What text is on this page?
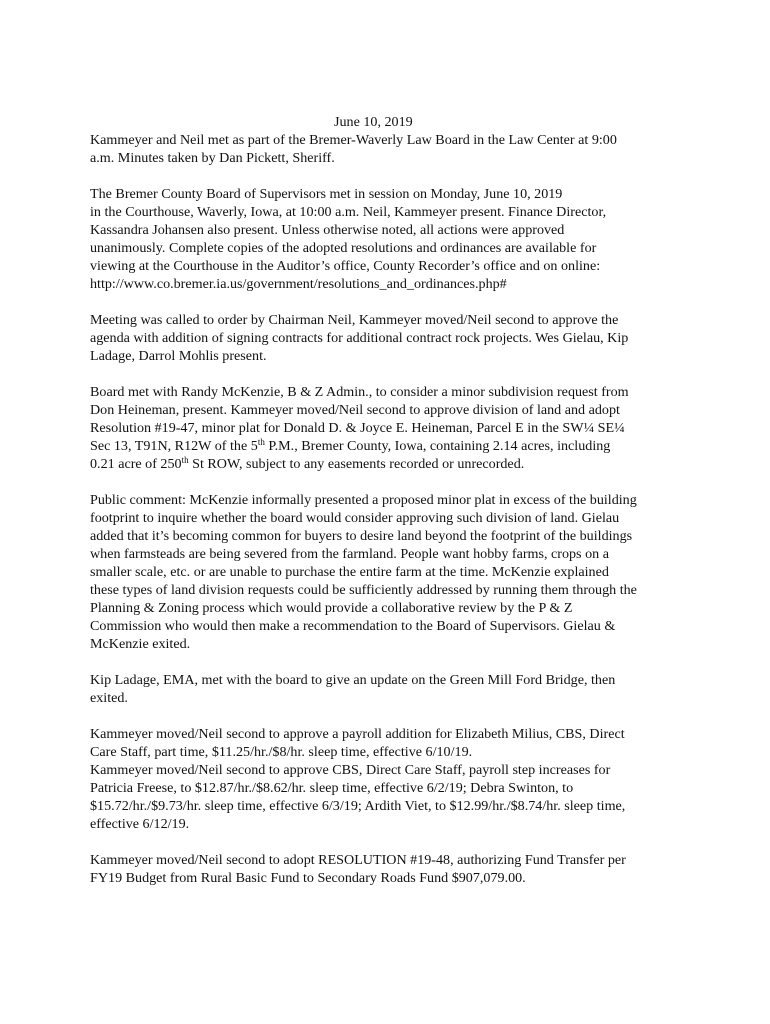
June 10, 2019

Kammeyer and Neil met as part of the Bremer-Waverly Law Board in the Law Center at 9:00
a.m. Minutes taken by Dan Pickett, Sheriff.

The Bremer County Board of Supervisors met in session on Monday, June 10, 2019
in the Courthouse, Waverly, Iowa, at 10:00 a.m. Neil, Kammeyer present. Finance Director,
Kassandra Johansen also present. Unless otherwise noted, all actions were approved
unanimously. Complete copies of the adopted resolutions and ordinances are available for
viewing at the Courthouse in the Auditor’s office, County Recorder’s office and on online:
http://www.co.bremer.ia.us/government/resolutions_and_ordinances.php#

Meeting was called to order by Chairman Neil, Kammeyer moved/Neil second to approve the
agenda with addition of signing contracts for additional contract rock projects. Wes Gielau, Kip
Ladage, Darrol Mohlis present.

Board met with Randy McKenzie, B & Z Admin., to consider a minor subdivision request from
Don Heineman, present. Kammeyer moved/Neil second to approve division of land and adopt
Resolution #19-47, minor plat for Donald D. & Joyce E. Heineman, Parcel E in the SW¼ SE¼
Sec 13, T91N, R12W of the 5th P.M., Bremer County, Iowa, containing 2.14 acres, including
0.21 acre of 250th St ROW, subject to any easements recorded or unrecorded.

Public comment: McKenzie informally presented a proposed minor plat in excess of the building
footprint to inquire whether the board would consider approving such division of land. Gielau
added that it’s becoming common for buyers to desire land beyond the footprint of the buildings
when farmsteads are being severed from the farmland. People want hobby farms, crops on a
smaller scale, etc. or are unable to purchase the entire farm at the time. McKenzie explained
these types of land division requests could be sufficiently addressed by running them through the
Planning & Zoning process which would provide a collaborative review by the P & Z
Commission who would then make a recommendation to the Board of Supervisors. Gielau &
McKenzie exited.

Kip Ladage, EMA, met with the board to give an update on the Green Mill Ford Bridge, then
exited.

Kammeyer moved/Neil second to approve a payroll addition for Elizabeth Milius, CBS, Direct
Care Staff, part time, $11.25/hr./$8/hr. sleep time, effective 6/10/19.
Kammeyer moved/Neil second to approve CBS, Direct Care Staff, payroll step increases for
Patricia Freese, to $12.87/hr./$8.62/hr. sleep time, effective 6/2/19; Debra Swinton, to
$15.72/hr./$9.73/hr. sleep time, effective 6/3/19; Ardith Viet, to $12.99/hr./$8.74/hr. sleep time,
effective 6/12/19.

Kammeyer moved/Neil second to adopt RESOLUTION #19-48, authorizing Fund Transfer per
FY19 Budget from Rural Basic Fund to Secondary Roads Fund $907,079.00.
